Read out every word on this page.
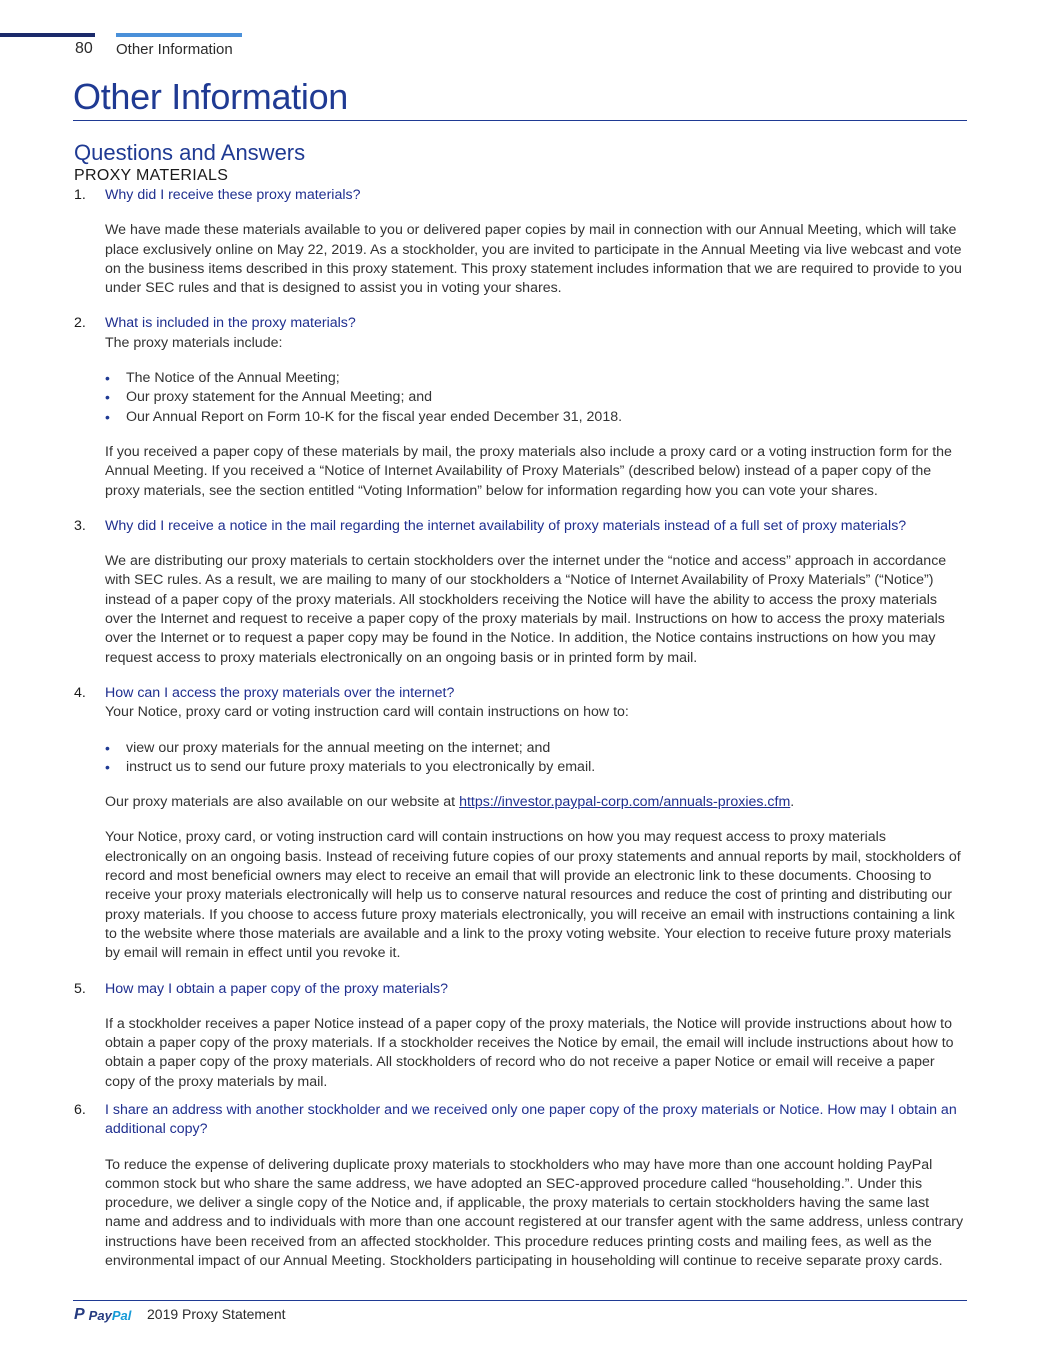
80 Other Information
Other Information
Questions and Answers
PROXY MATERIALS
1. Why did I receive these proxy materials?

We have made these materials available to you or delivered paper copies by mail in connection with our Annual Meeting, which will take place exclusively online on May 22, 2019. As a stockholder, you are invited to participate in the Annual Meeting via live webcast and vote on the business items described in this proxy statement. This proxy statement includes information that we are required to provide to you under SEC rules and that is designed to assist you in voting your shares.

2. What is included in the proxy materials?

The proxy materials include:

• The Notice of the Annual Meeting;
• Our proxy statement for the Annual Meeting; and
• Our Annual Report on Form 10-K for the fiscal year ended December 31, 2018.

If you received a paper copy of these materials by mail, the proxy materials also include a proxy card or a voting instruction form for the Annual Meeting. If you received a “Notice of Internet Availability of Proxy Materials” (described below) instead of a paper copy of the proxy materials, see the section entitled “Voting Information” below for information regarding how you can vote your shares.

3. Why did I receive a notice in the mail regarding the internet availability of proxy materials instead of a full set of proxy materials?

We are distributing our proxy materials to certain stockholders over the internet under the “notice and access” approach in accordance with SEC rules. As a result, we are mailing to many of our stockholders a “Notice of Internet Availability of Proxy Materials” (“Notice”) instead of a paper copy of the proxy materials. All stockholders receiving the Notice will have the ability to access the proxy materials over the Internet and request to receive a paper copy of the proxy materials by mail. Instructions on how to access the proxy materials over the Internet or to request a paper copy may be found in the Notice. In addition, the Notice contains instructions on how you may request access to proxy materials electronically on an ongoing basis or in printed form by mail.

4. How can I access the proxy materials over the internet?

Your Notice, proxy card or voting instruction card will contain instructions on how to:

• view our proxy materials for the annual meeting on the internet; and
• instruct us to send our future proxy materials to you electronically by email.

Our proxy materials are also available on our website at https://investor.paypal-corp.com/annuals-proxies.cfm.

Your Notice, proxy card, or voting instruction card will contain instructions on how you may request access to proxy materials electronically on an ongoing basis. Instead of receiving future copies of our proxy statements and annual reports by mail, stockholders of record and most beneficial owners may elect to receive an email that will provide an electronic link to these documents. Choosing to receive your proxy materials electronically will help us to conserve natural resources and reduce the cost of printing and distributing our proxy materials. If you choose to access future proxy materials electronically, you will receive an email with instructions containing a link to the website where those materials are available and a link to the proxy voting website. Your election to receive future proxy materials by email will remain in effect until you revoke it.

5. How may I obtain a paper copy of the proxy materials?

If a stockholder receives a paper Notice instead of a paper copy of the proxy materials, the Notice will provide instructions about how to obtain a paper copy of the proxy materials. If a stockholder receives the Notice by email, the email will include instructions about how to obtain a paper copy of the proxy materials. All stockholders of record who do not receive a paper Notice or email will receive a paper copy of the proxy materials by mail.

6. I share an address with another stockholder and we received only one paper copy of the proxy materials or Notice. How may I obtain an additional copy?

To reduce the expense of delivering duplicate proxy materials to stockholders who may have more than one account holding PayPal common stock but who share the same address, we have adopted an SEC-approved procedure called “householding.”. Under this procedure, we deliver a single copy of the Notice and, if applicable, the proxy materials to certain stockholders having the same last name and address and to individuals with more than one account registered at our transfer agent with the same address, unless contrary instructions have been received from an affected stockholder. This procedure reduces printing costs and mailing fees, as well as the environmental impact of our Annual Meeting. Stockholders participating in householding will continue to receive separate proxy cards.

P PayPal 2019 Proxy Statement
